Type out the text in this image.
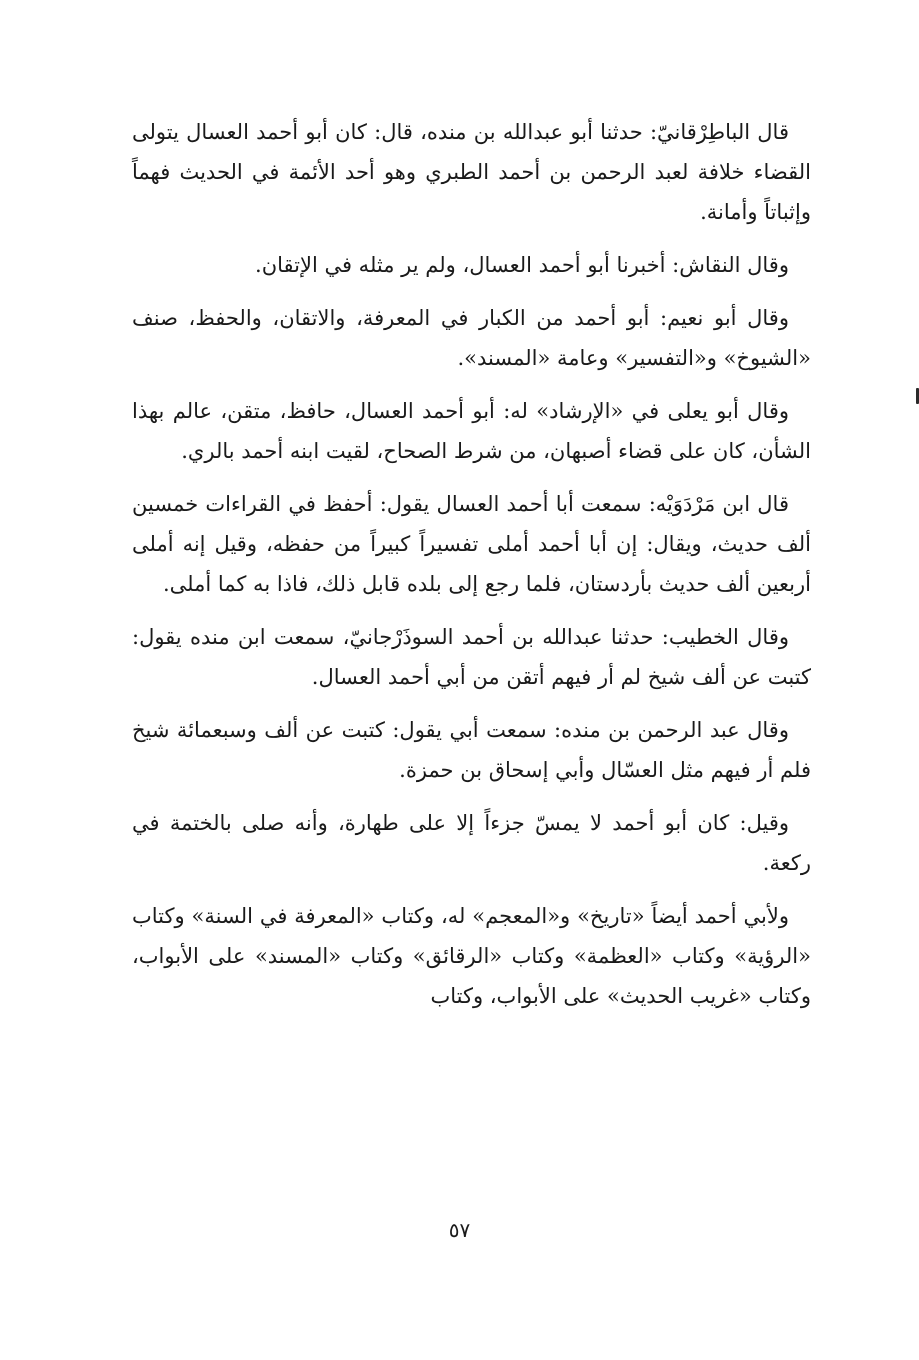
قال الباطِرْقانيّ: حدثنا أبو عبدالله بن منده، قال: كان أبو أحمد العسال يتولى القضاء خلافة لعبد الرحمن بن أحمد الطبري وهو أحد الأئمة في الحديث فهماً وإثباتاً وأمانة.

وقال النقاش: أخبرنا أبو أحمد العسال، ولم ير مثله في الإتقان.

وقال أبو نعيم: أبو أحمد من الكبار في المعرفة، والاتقان، والحفظ، صنف «الشيوخ» و«التفسير» وعامة «المسند».

وقال أبو يعلى في «الإرشاد» له: أبو أحمد العسال، حافظ، متقن، عالم بهذا الشأن، كان على قضاء أصبهان، من شرط الصحاح، لقيت ابنه أحمد بالري.

قال ابن مَرْدَوَيْه: سمعت أبا أحمد العسال يقول: أحفظ في القراءات خمسين ألف حديث، ويقال: إن أبا أحمد أملى تفسيراً كبيراً من حفظه، وقيل إنه أملى أربعين ألف حديث بأردستان، فلما رجع إلى بلده قابل ذلك، فاذا به كما أملى.

وقال الخطيب: حدثنا عبدالله بن أحمد السوذَرْجانيّ، سمعت ابن منده يقول: كتبت عن ألف شيخ لم أر فيهم أتقن من أبي أحمد العسال.

وقال عبد الرحمن بن منده: سمعت أبي يقول: كتبت عن ألف وسبعمائة شيخ فلم أر فيهم مثل العسّال وأبي إسحاق بن حمزة.

وقيل: كان أبو أحمد لا يمسّ جزءاً إلا على طهارة، وأنه صلى بالختمة في ركعة.

ولأبي أحمد أيضاً «تاريخ» و«المعجم» له، وكتاب «المعرفة في السنة» وكتاب «الرؤية» وكتاب «العظمة» وكتاب «الرقائق» وكتاب «المسند» على الأبواب، وكتاب «غريب الحديث» على الأبواب، وكتاب

٥٧
